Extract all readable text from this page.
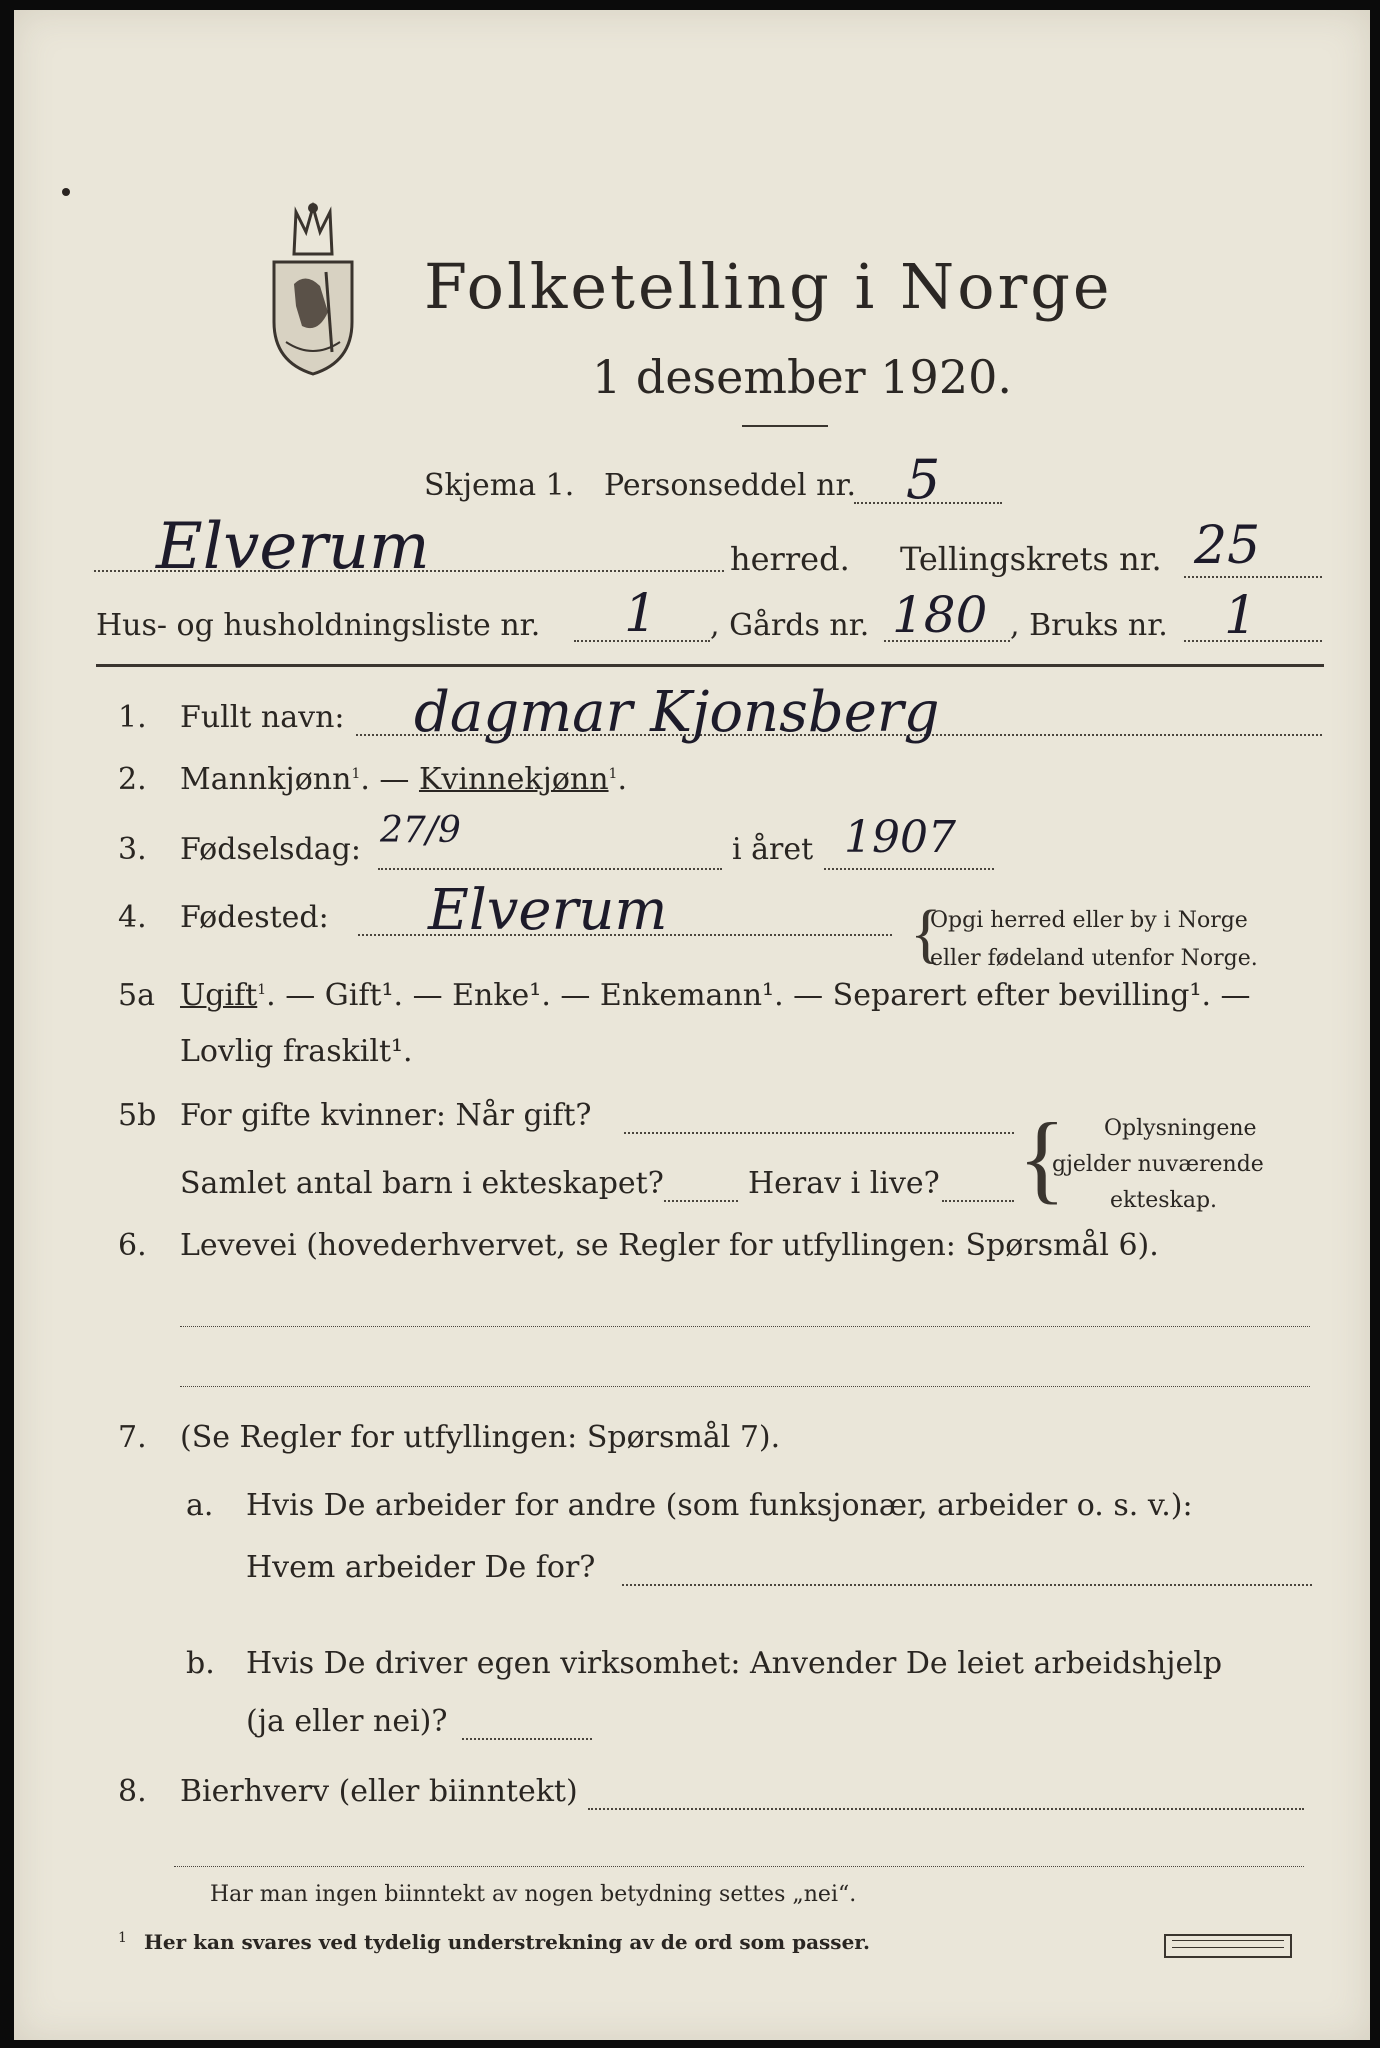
Folketelling i Norge
1 desember 1920.
Skjema 1. Personseddel nr. 5
Elverum	herred. Tellingskrets nr. 25
Hus- og husholdningsliste nr. 1 , Gårds nr. 180 , Bruks nr. 1
1. Fullt navn: dagmar Kjonsberg
2. Mannkjønn$^1$. — Kvinnekjønn$^1$.
3. Fødselsdag: 27/9	i året 1907
4. Fødested: Elverum	{
Opgi herred eller by i Norge
eller fødeland utenfor Norge.
5a Ugift$^1$. — Gift¹. — Enke¹. — Enkemann¹. — Separert efter bevilling¹. —
Lovlig fraskilt¹.
5b For gifte kvinner: Når gift?
Samlet antal barn i ekteskapet?	Herav i live? { Oplysningene
gjelder nuværende
ekteskap.
6. Levevei (hovederhvervet, se Regler for utfyllingen: Spørsmål 6).
7. (Se Regler for utfyllingen: Spørsmål 7).
a. Hvis De arbeider for andre (som funksjonær, arbeider o. s. v.):
Hvem arbeider De for?
b. Hvis De driver egen virksomhet: Anvender De leiet arbeidshjelp
(ja eller nei)?
8. Bierhverv (eller biinntekt)
Har man ingen biinntekt av nogen betydning settes „nei“.
1 Her kan svares ved tydelig understrekning av de ord som passer.
